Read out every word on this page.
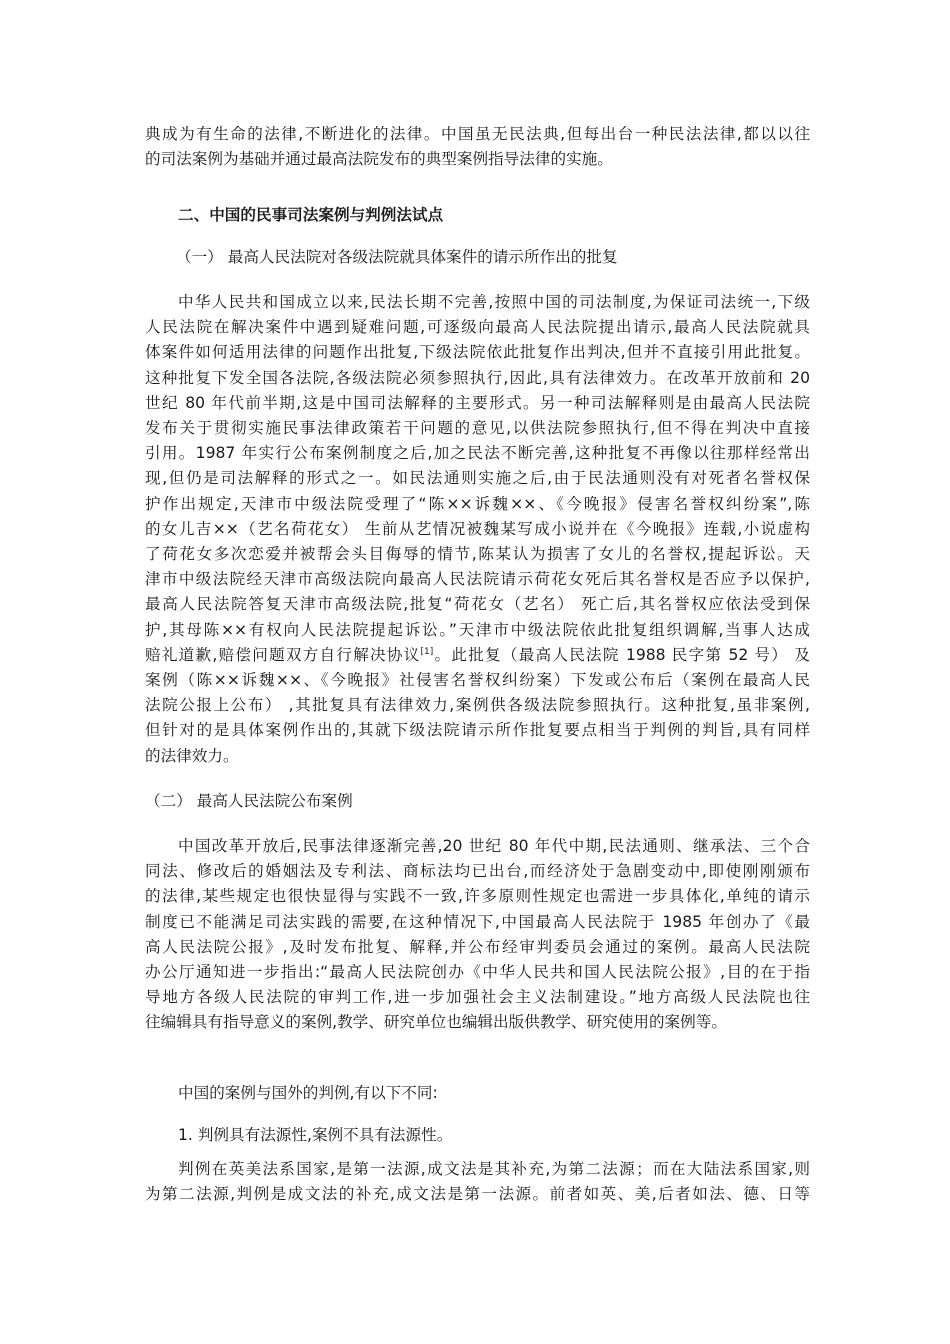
典成为有生命的法律,不断进化的法律。中国虽无民法典,但每出台一种民法法律,都以以往
的司法案例为基础并通过最高法院发布的典型案例指导法律的实施。
二、中国的民事司法案例与判例法试点
（一） 最高人民法院对各级法院就具体案件的请示所作出的批复
中华人民共和国成立以来,民法长期不完善,按照中国的司法制度,为保证司法统一,下级
人民法院在解决案件中遇到疑难问题,可逐级向最高人民法院提出请示,最高人民法院就具
体案件如何适用法律的问题作出批复,下级法院依此批复作出判决,但并不直接引用此批复。
这种批复下发全国各法院,各级法院必须参照执行,因此,具有法律效力。在改革开放前和 20
世纪 80 年代前半期,这是中国司法解释的主要形式。另一种司法解释则是由最高人民法院
发布关于贯彻实施民事法律政策若干问题的意见,以供法院参照执行,但不得在判决中直接
引用。1987 年实行公布案例制度之后,加之民法不断完善,这种批复不再像以往那样经常出
现,但仍是司法解释的形式之一。如民法通则实施之后,由于民法通则没有对死者名誉权保
护作出规定,天津市中级法院受理了“陈××诉魏××、《今晚报》侵害名誉权纠纷案”,陈
的女儿吉××（艺名荷花女） 生前从艺情况被魏某写成小说并在《今晚报》连载,小说虚构
了荷花女多次恋爱并被帮会头目侮辱的情节,陈某认为损害了女儿的名誉权,提起诉讼。天
津市中级法院经天津市高级法院向最高人民法院请示荷花女死后其名誉权是否应予以保护,
最高人民法院答复天津市高级法院,批复“荷花女（艺名） 死亡后,其名誉权应依法受到保
护,其母陈××有权向人民法院提起诉讼。”天津市中级法院依此批复组织调解,当事人达成
赔礼道歉,赔偿问题双方自行解决协议[1]。此批复（最高人民法院 1988 民字第 52 号） 及
案例（陈××诉魏××、《今晚报》社侵害名誉权纠纷案）下发或公布后（案例在最高人民
法院公报上公布） ,其批复具有法律效力,案例供各级法院参照执行。这种批复,虽非案例,
但针对的是具体案例作出的,其就下级法院请示所作批复要点相当于判例的判旨,具有同样
的法律效力。
（二） 最高人民法院公布案例
中国改革开放后,民事法律逐渐完善,20 世纪 80 年代中期,民法通则、继承法、三个合
同法、修改后的婚姻法及专利法、商标法均已出台,而经济处于急剧变动中,即使刚刚颁布
的法律,某些规定也很快显得与实践不一致,许多原则性规定也需进一步具体化,单纯的请示
制度已不能满足司法实践的需要,在这种情况下,中国最高人民法院于 1985 年创办了《最
高人民法院公报》,及时发布批复、解释,并公布经审判委员会通过的案例。最高人民法院
办公厅通知进一步指出:“最高人民法院创办《中华人民共和国人民法院公报》,目的在于指
导地方各级人民法院的审判工作,进一步加强社会主义法制建设。”地方高级人民法院也往
往编辑具有指导意义的案例,教学、研究单位也编辑出版供教学、研究使用的案例等。
中国的案例与国外的判例,有以下不同:
1. 判例具有法源性,案例不具有法源性。
判例在英美法系国家,是第一法源,成文法是其补充,为第二法源；而在大陆法系国家,则
为第二法源,判例是成文法的补充,成文法是第一法源。前者如英、美,后者如法、德、日等
